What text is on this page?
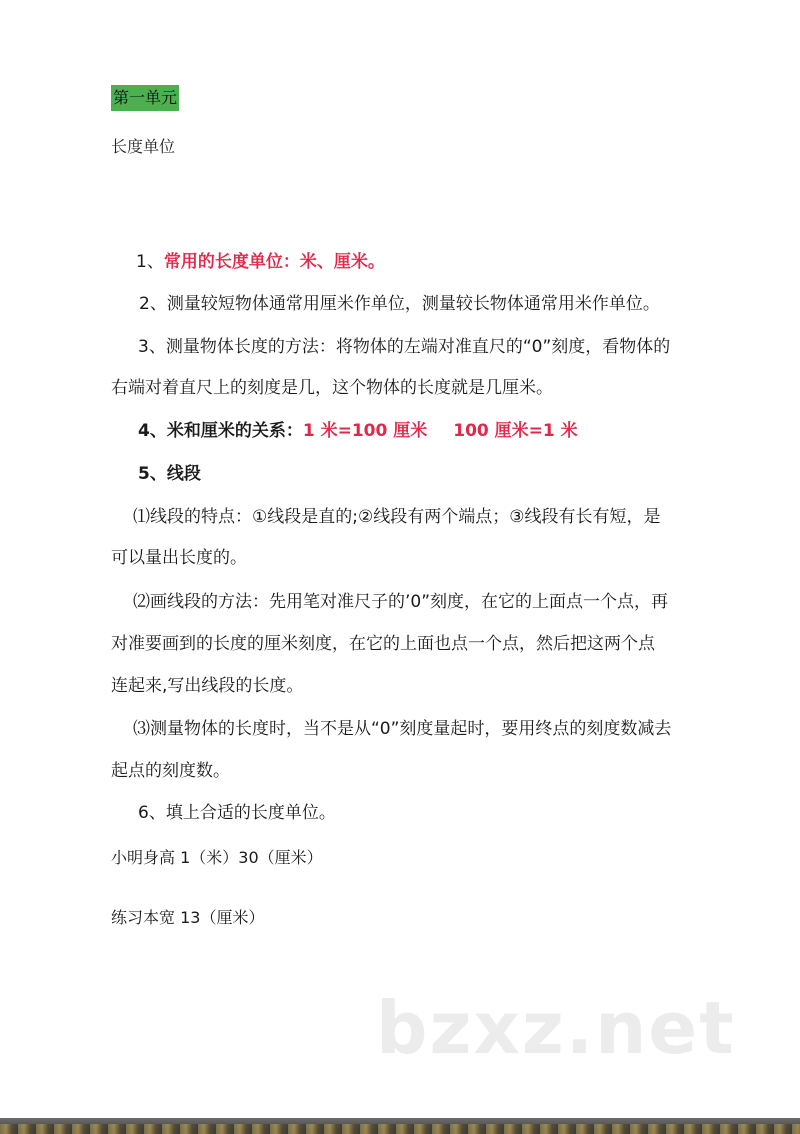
第一单元
长度单位
1、常用的长度单位：米、厘米。
2、测量较短物体通常用厘米作单位，测量较长物体通常用米作单位。
3、测量物体长度的方法：将物体的左端对准直尺的“0”刻度，看物体的
右端对着直尺上的刻度是几，这个物体的长度就是几厘米。
4、米和厘米的关系：1 米=100 厘米 100 厘米=1 米
5、线段
⑴线段的特点：①线段是直的;②线段有两个端点；③线段有长有短，是
可以量出长度的。
⑵画线段的方法：先用笔对准尺子的’0”刻度，在它的上面点一个点，再
对准要画到的长度的厘米刻度，在它的上面也点一个点，然后把这两个点
连起来,写出线段的长度。
⑶测量物体的长度时，当不是从“0”刻度量起时，要用终点的刻度数减去
起点的刻度数。
6、填上合适的长度单位。
小明身高 1（米）30（厘米）
练习本宽 13（厘米）
bzxz.net
